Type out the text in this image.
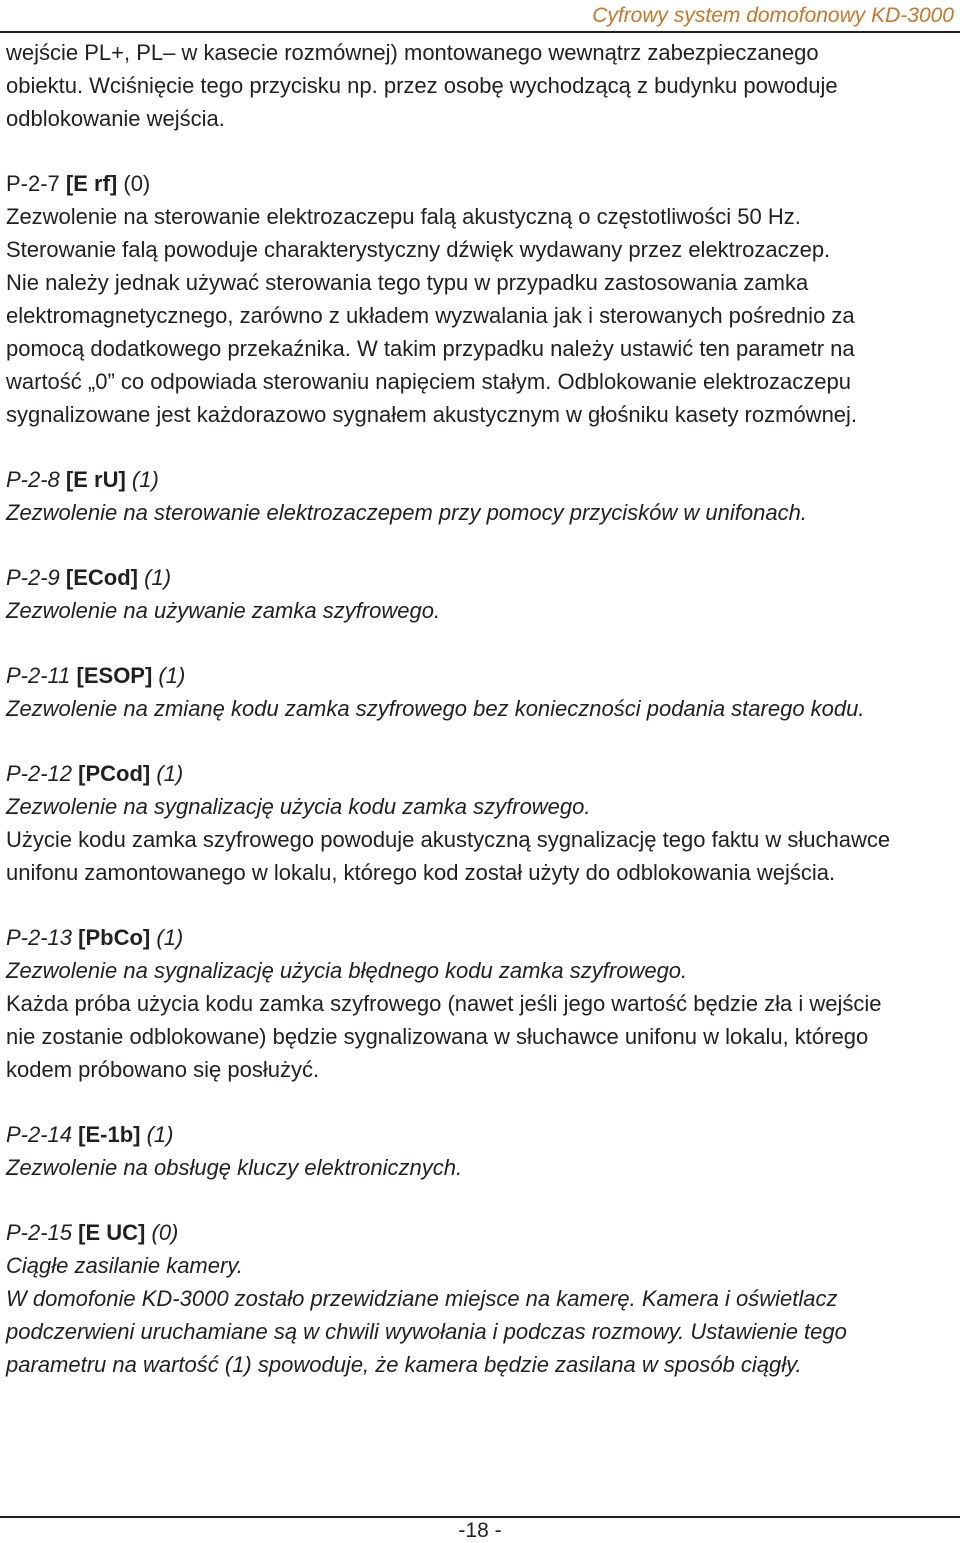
Cyfrowy system domofonowy KD-3000
wejście PL+, PL– w kasecie rozmównej) montowanego wewnątrz zabezpieczanego
obiektu. Wciśnięcie tego przycisku np. przez osobę wychodzącą z budynku powoduje
odblokowanie wejścia.
P-2-7 [E rf] (0)
Zezwolenie na sterowanie elektrozaczepu falą akustyczną o częstotliwości 50 Hz.
Sterowanie falą powoduje charakterystyczny dźwięk wydawany przez elektrozaczep.
Nie należy jednak używać sterowania tego typu w przypadku zastosowania zamka
elektromagnetycznego, zarówno z układem wyzwalania jak i sterowanych pośrednio za
pomocą dodatkowego przekaźnika. W takim przypadku należy ustawić ten parametr na
wartość „0” co odpowiada sterowaniu napięciem stałym. Odblokowanie elektrozaczepu
sygnalizowane jest każdorazowo sygnałem akustycznym w głośniku kasety rozmównej.
P-2-8 [E rU] (1)
Zezwolenie na sterowanie elektrozaczepem przy pomocy przycisków w unifonach.
P-2-9 [ECod] (1)
Zezwolenie na używanie zamka szyfrowego.
P-2-11 [ESOP] (1)
Zezwolenie na zmianę kodu zamka szyfrowego bez konieczności podania starego kodu.
P-2-12 [PCod] (1)
Zezwolenie na sygnalizację użycia kodu zamka szyfrowego.
Użycie kodu zamka szyfrowego powoduje akustyczną sygnalizację tego faktu w słuchawce
unifonu zamontowanego w lokalu, którego kod został użyty do odblokowania wejścia.
P-2-13 [PbCo] (1)
Zezwolenie na sygnalizację użycia błędnego kodu zamka szyfrowego.
Każda próba użycia kodu zamka szyfrowego (nawet jeśli jego wartość będzie zła i wejście
nie zostanie odblokowane) będzie sygnalizowana w słuchawce unifonu w lokalu, którego
kodem próbowano się posłużyć.
P-2-14 [E-1b] (1)
Zezwolenie na obsługę kluczy elektronicznych.
P-2-15 [E UC] (0)
Ciągłe zasilanie kamery.
W domofonie KD-3000 zostało przewidziane miejsce na kamerę. Kamera i oświetlacz
podczerwieni uruchamiane są w chwili wywołania i podczas rozmowy. Ustawienie tego
parametru na wartość (1) spowoduje, że kamera będzie zasilana w sposób ciągły.
-18 -
